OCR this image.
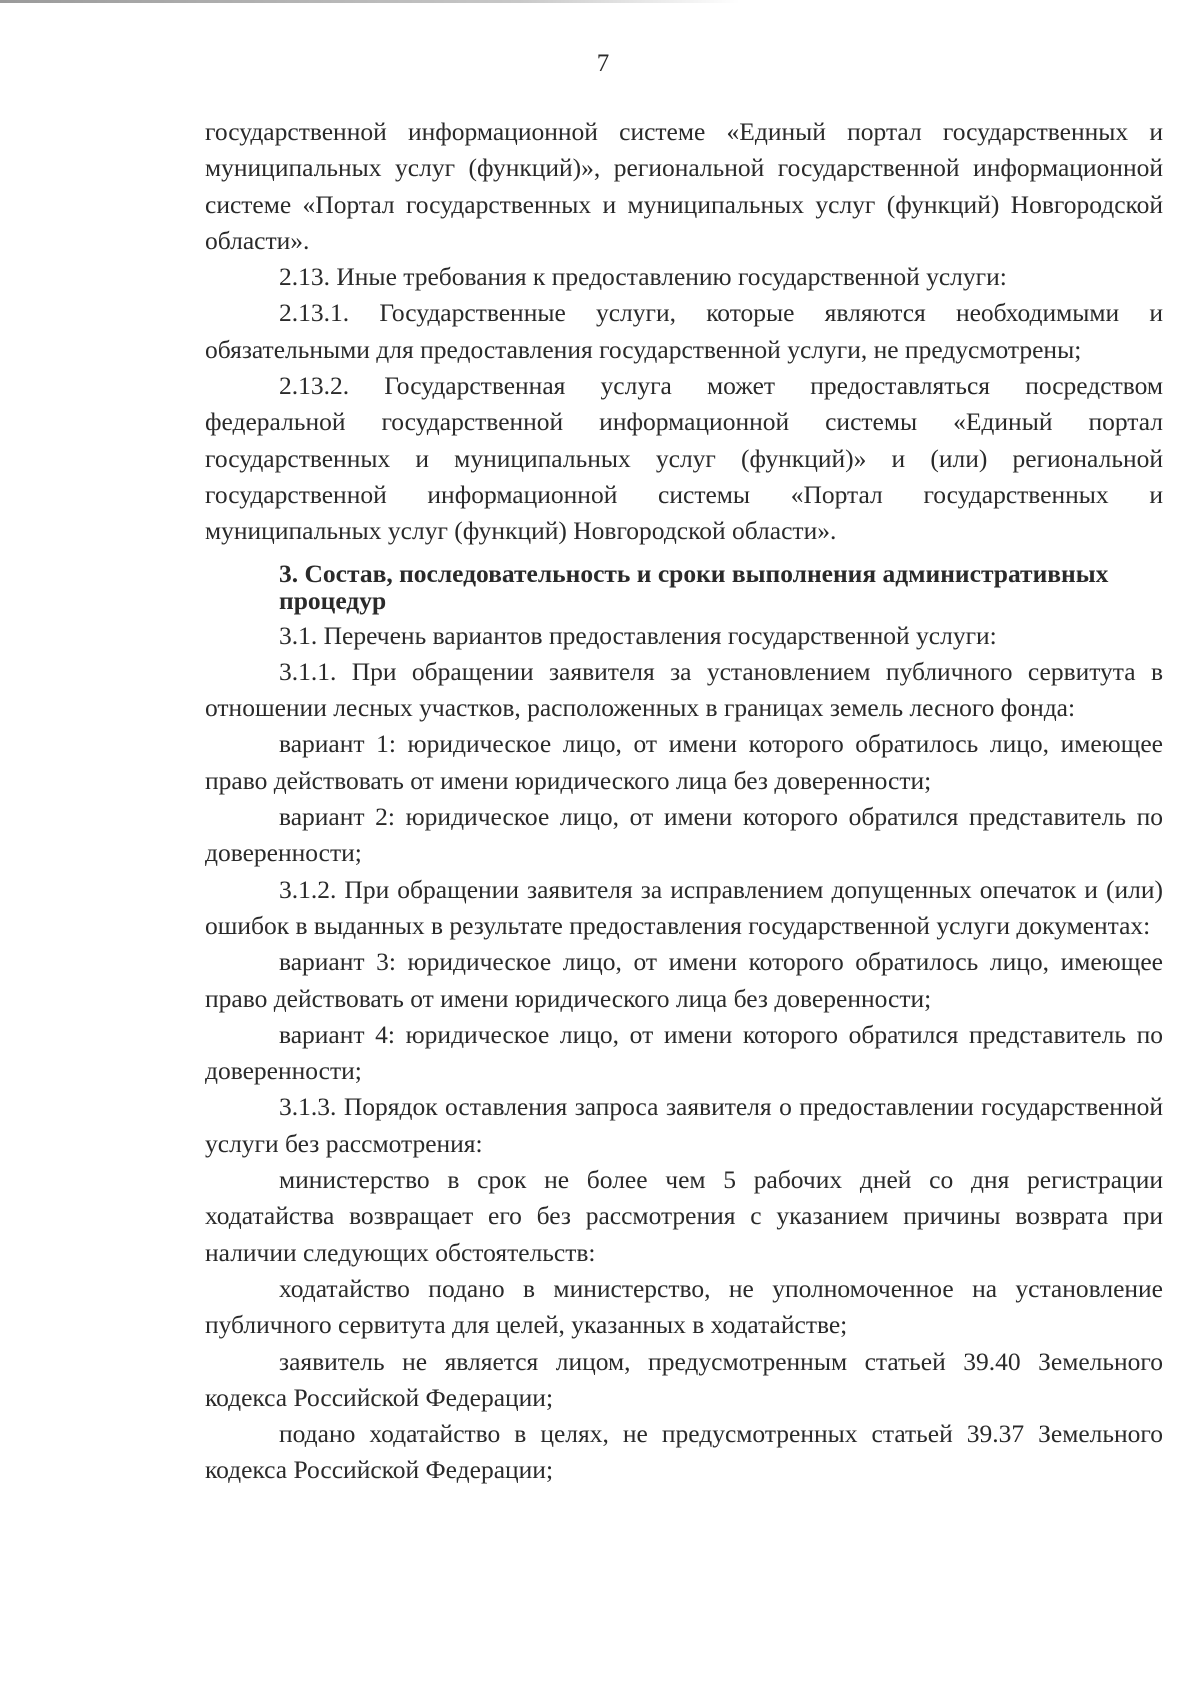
7

государственной информационной системе «Единый портал государственных и муниципальных услуг (функций)», региональной государственной информационной системе «Портал государственных и муниципальных услуг (функций) Новгородской области».

2.13. Иные требования к предоставлению государственной услуги:

2.13.1. Государственные услуги, которые являются необходимыми и обязательными для предоставления государственной услуги, не предусмотрены;

2.13.2. Государственная услуга может предоставляться посредством федеральной государственной информационной системы «Единый портал государственных и муниципальных услуг (функций)» и (или) региональной государственной информационной системы «Портал государственных и муниципальных услуг (функций) Новгородской области».

3. Состав, последовательность и сроки выполнения административных процедур

3.1. Перечень вариантов предоставления государственной услуги:

3.1.1. При обращении заявителя за установлением публичного сервитута в отношении лесных участков, расположенных в границах земель лесного фонда:

вариант 1: юридическое лицо, от имени которого обратилось лицо, имеющее право действовать от имени юридического лица без доверенности;

вариант 2: юридическое лицо, от имени которого обратился представитель по доверенности;

3.1.2. При обращении заявителя за исправлением допущенных опечаток и (или) ошибок в выданных в результате предоставления государственной услуги документах:

вариант 3: юридическое лицо, от имени которого обратилось лицо, имеющее право действовать от имени юридического лица без доверенности;

вариант 4: юридическое лицо, от имени которого обратился представитель по доверенности;

3.1.3. Порядок оставления запроса заявителя о предоставлении государственной услуги без рассмотрения:

министерство в срок не более чем 5 рабочих дней со дня регистрации ходатайства возвращает его без рассмотрения с указанием причины возврата при наличии следующих обстоятельств:

ходатайство подано в министерство, не уполномоченное на установление публичного сервитута для целей, указанных в ходатайстве;

заявитель не является лицом, предусмотренным статьей 39.40 Земельного кодекса Российской Федерации;

подано ходатайство в целях, не предусмотренных статьей 39.37 Земельного кодекса Российской Федерации;
